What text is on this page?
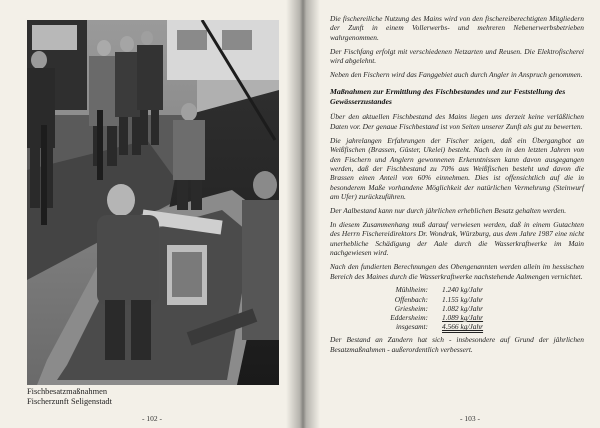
Fischbesatzmaßnahmen
Fischerzunft Seligenstadt
- 102 -

Die fischereiliche Nutzung des Mains wird von den fischereiberechtigten Mitgliedern der Zunft in einem Vollerwerbs- und mehreren Nebenerwerbsbetrieben wahrgenommen.

Der Fischfang erfolgt mit verschiedenen Netzarten und Reusen. Die Elektrofischerei wird abgelehnt.

Neben den Fischern wird das Fanggebiet auch durch Angler in Anspruch genommen.

Maßnahmen zur Ermittlung des Fischbestandes und zur Feststellung des Gewässerzustandes

Über den aktuellen Fischbestand des Mains liegen uns derzeit keine verläßlichen Daten vor. Der genaue Fischbestand ist von Seiten unserer Zunft als gut zu bewerten.

Die jahrelangen Erfahrungen der Fischer zeigen, daß ein Übergangbot an Weißfischen (Brassen, Güster, Ukelei) besteht. Nach den in den letzten Jahren von den Fischern und Anglern gewonnenen Erkenntnissen kann davon ausgegangen werden, daß der Fischbestand zu 70% aus Weißfischen besteht und davon die Brassen einen Anteil von 60% einnehmen. Dies ist offensichtlich auf die in besonderem Maße vorhandene Möglichkeit der natürlichen Vermehrung (Steinwurf am Ufer) zurückzuführen.

Der Aalbestand kann nur durch jährlichen erheblichen Besatz gehalten werden.

In diesem Zusammenhang muß darauf verwiesen werden, daß in einem Gutachten des Herrn Fischereidirektors Dr. Wondrak, Würzburg, aus dem Jahre 1987 eine nicht unerhebliche Schädigung der Aale durch die Wasserkraftwerke im Main nachgewiesen wird.

Nach den fundierten Berechnungen des Obengenannten werden allein im hessischen Bereich des Maines durch die Wasserkraftwerke nachstehende Aalmengen vernichtet.

Mühlheim:	1.240 kg/Jahr
Offenbach:	1.155 kg/Jahr
Griesheim:	1.082 kg/Jahr
Eddersheim:	1.089 kg/Jahr
insgesamt:	4.566 kg/Jahr

Der Bestand an Zandern hat sich - insbesondere auf Grund der jährlichen Besatzmaßnahmen - außerordentlich verbessert.

- 103 -
